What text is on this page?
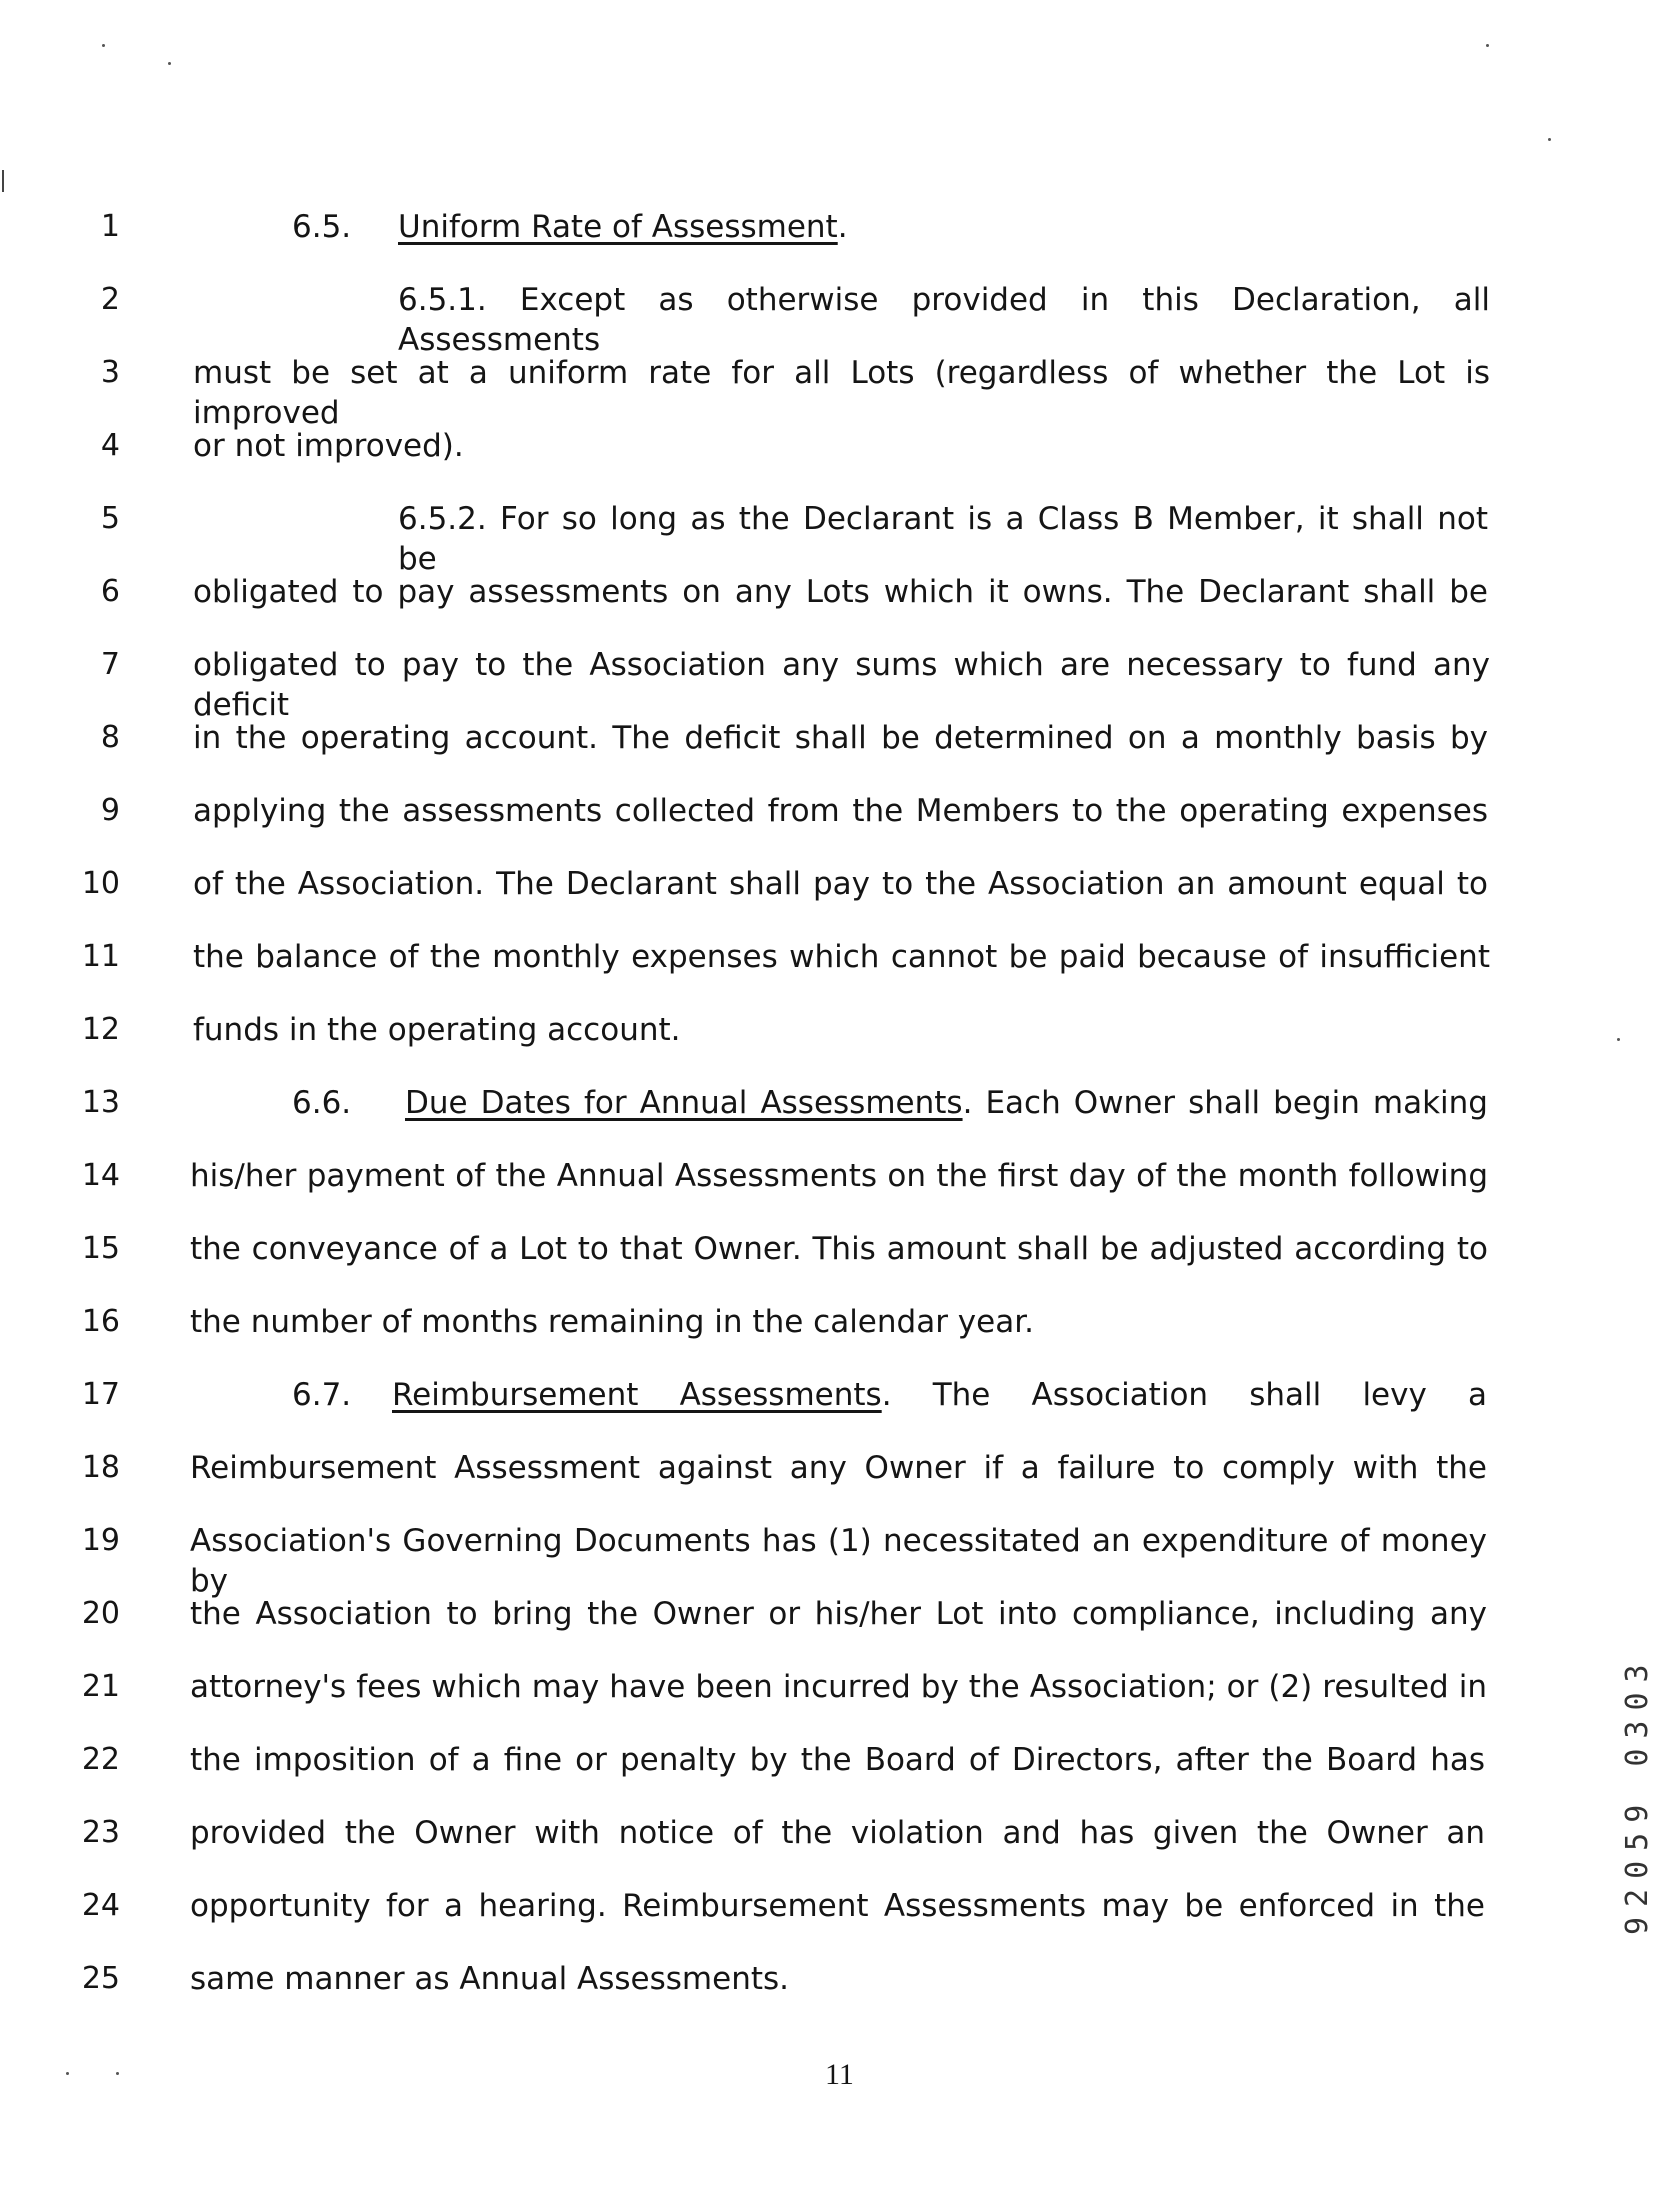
1	6.5. Uniform Rate of Assessment.
2	6.5.1. Except as otherwise provided in this Declaration, all Assessments
3 must be set at a uniform rate for all Lots (regardless of whether the Lot is improved
4 or not improved).
5	6.5.2. For so long as the Declarant is a Class B Member, it shall not be
6 obligated to pay assessments on any Lots which it owns. The Declarant shall be
7 obligated to pay to the Association any sums which are necessary to fund any deficit
8 in the operating account. The deficit shall be determined on a monthly basis by
9 applying the assessments collected from the Members to the operating expenses
10 of the Association. The Declarant shall pay to the Association an amount equal to
11 the balance of the monthly expenses which cannot be paid because of insufficient
12 funds in the operating account.
13	6.6. Due Dates for Annual Assessments. Each Owner shall begin making
14 his/her payment of the Annual Assessments on the first day of the month following
15 the conveyance of a Lot to that Owner. This amount shall be adjusted according to
16 the number of months remaining in the calendar year.
17	6.7. Reimbursement Assessments. The Association shall levy a
18 Reimbursement Assessment against any Owner if a failure to comply with the
19 Association's Governing Documents has (1) necessitated an expenditure of money by
20 the Association to bring the Owner or his/her Lot into compliance, including any
21 attorney's fees which may have been incurred by the Association; or (2) resulted in
22 the imposition of a fine or penalty by the Board of Directors, after the Board has
23 provided the Owner with notice of the violation and has given the Owner an
24 opportunity for a hearing. Reimbursement Assessments may be enforced in the
25 same manner as Annual Assessments.
11
92059 0303
